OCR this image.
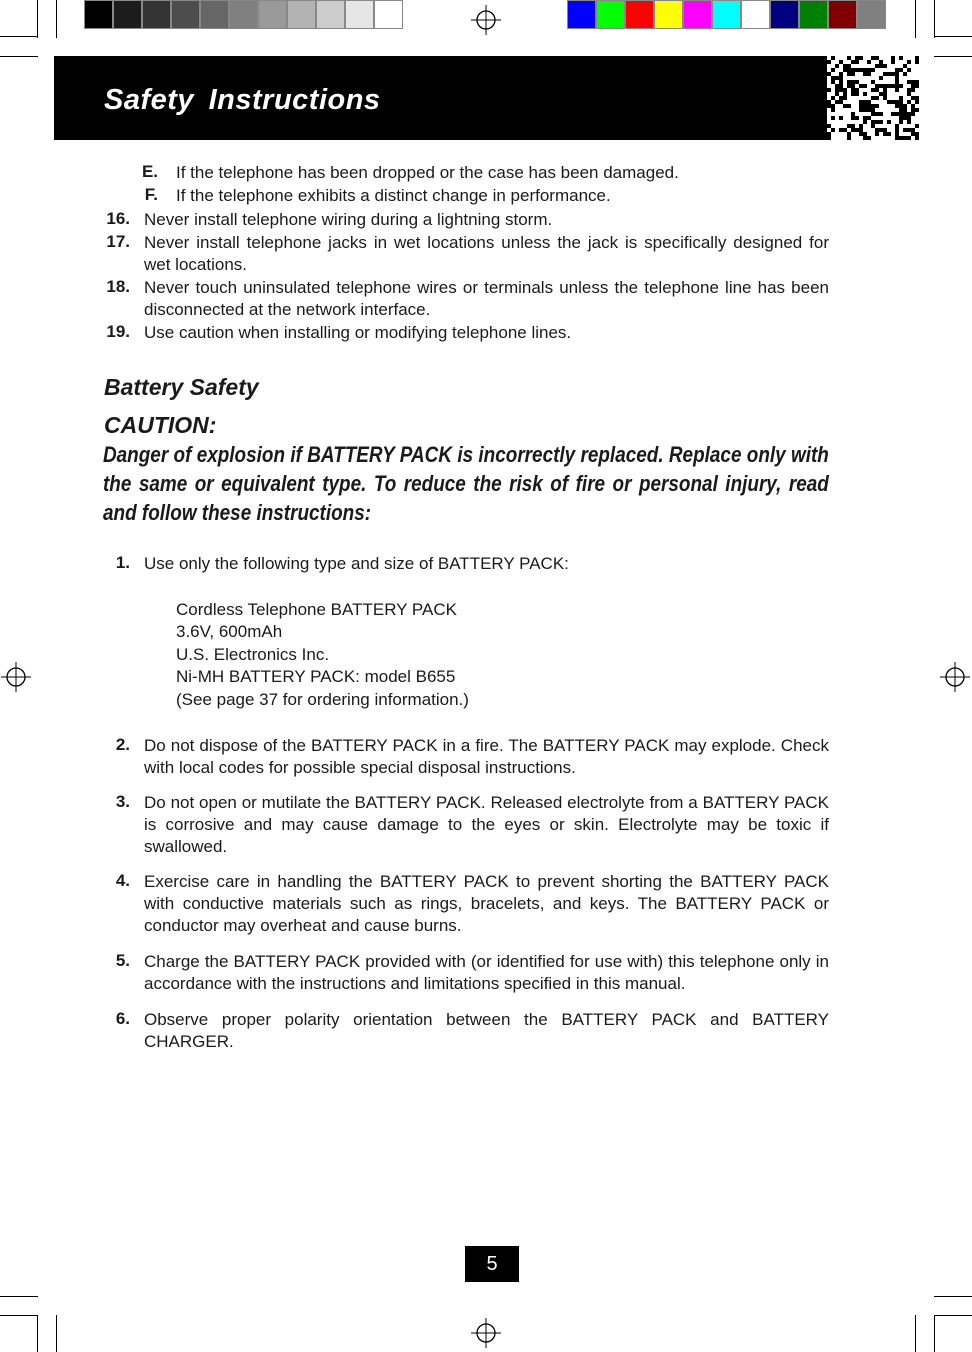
Safety Instructions
E. If the telephone has been dropped or the case has been damaged.
F. If the telephone exhibits a distinct change in performance.
16. Never install telephone wiring during a lightning storm.
17. Never install telephone jacks in wet locations unless the jack is specifically designed for wet locations.
18. Never touch uninsulated telephone wires or terminals unless the telephone line has been disconnected at the network interface.
19. Use caution when installing or modifying telephone lines.
Battery Safety
CAUTION:
Danger of explosion if BATTERY PACK is incorrectly replaced. Replace only with the same or equivalent type. To reduce the risk of fire or personal injury, read and follow these instructions:
1. Use only the following type and size of BATTERY PACK:
Cordless Telephone BATTERY PACK
3.6V, 600mAh
U.S. Electronics Inc.
Ni-MH BATTERY PACK: model B655
(See page 37 for ordering information.)
2. Do not dispose of the BATTERY PACK in a fire. The BATTERY PACK may explode. Check with local codes for possible special disposal instructions.
3. Do not open or mutilate the BATTERY PACK. Released electrolyte from a BATTERY PACK is corrosive and may cause damage to the eyes or skin. Electrolyte may be toxic if swallowed.
4. Exercise care in handling the BATTERY PACK to prevent shorting the BATTERY PACK with conductive materials such as rings, bracelets, and keys. The BATTERY PACK or conductor may overheat and cause burns.
5. Charge the BATTERY PACK provided with (or identified for use with) this telephone only in accordance with the instructions and limitations specified in this manual.
6. Observe proper polarity orientation between the BATTERY PACK and BATTERY CHARGER.
5
